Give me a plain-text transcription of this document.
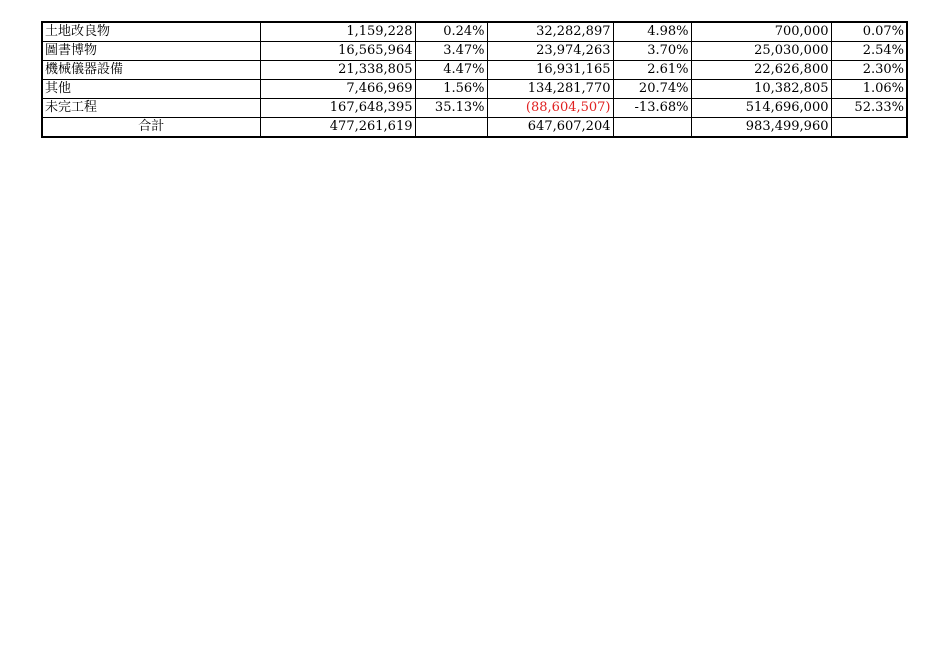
土地改良物	1,159,228	0.24%	32,282,897	4.98%	700,000	0.07%
圖書博物	16,565,964	3.47%	23,974,263	3.70%	25,030,000	2.54%
機械儀器設備	21,338,805	4.47%	16,931,165	2.61%	22,626,800	2.30%
其他	7,466,969	1.56%	134,281,770	20.74%	10,382,805	1.06%
未完工程	167,648,395	35.13%	(88,604,507)	-13.68%	514,696,000	52.33%
合計	477,261,619		647,607,204		983,499,960	
